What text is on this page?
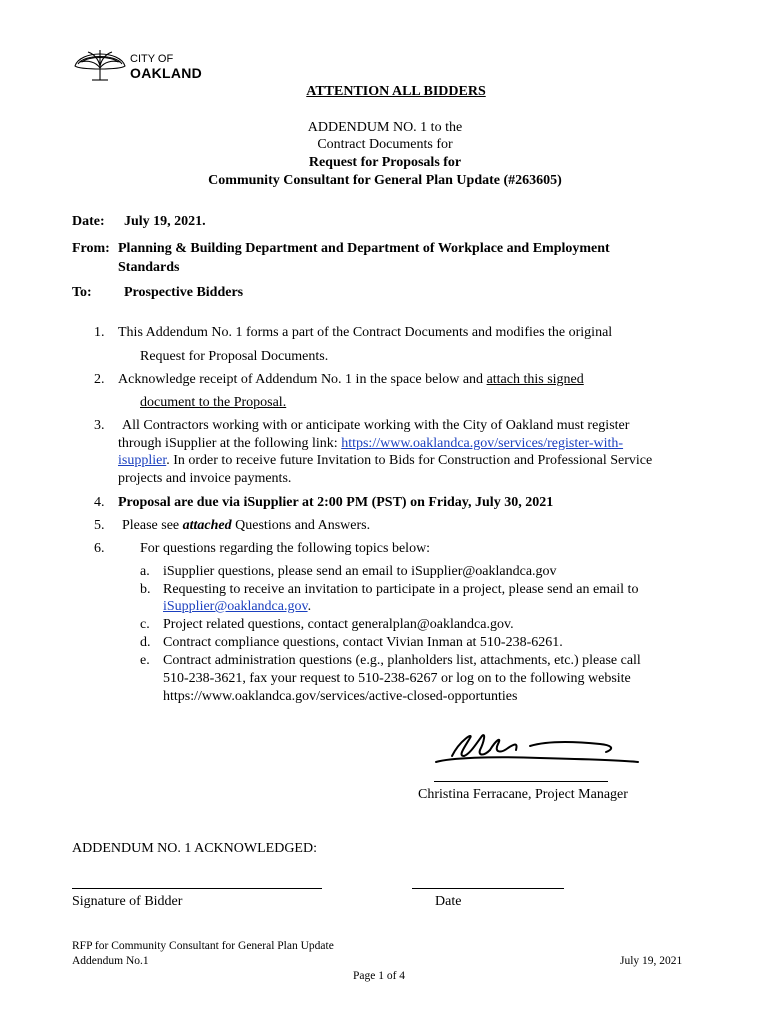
CITY OF
OAKLAND
ATTENTION ALL BIDDERS
ADDENDUM NO. 1 to the
Contract Documents for
Request for Proposals for
Community Consultant for General Plan Update (#263605)
Date: July 19, 2021.
From: Planning & Building Department and Department of Workplace and Employment
Standards
To: Prospective Bidders
1. This Addendum No. 1 forms a part of the Contract Documents and modifies the original
Request for Proposal Documents.
2. Acknowledge receipt of Addendum No. 1 in the space below and attach this signed
document to the Proposal.
3. All Contractors working with or anticipate working with the City of Oakland must register
through iSupplier at the following link: https://www.oaklandca.gov/services/register-with-
isupplier. In order to receive future Invitation to Bids for Construction and Professional Service
projects and invoice payments.
4. Proposal are due via iSupplier at 2:00 PM (PST) on Friday, July 30, 2021
5. Please see attached Questions and Answers.
6.	For questions regarding the following topics below:
a. iSupplier questions, please send an email to iSupplier@oaklandca.gov
b. Requesting to receive an invitation to participate in a project, please send an email to
iSupplier@oaklandca.gov.
c. Project related questions, contact generalplan@oaklandca.gov.
d. Contract compliance questions, contact Vivian Inman at 510-238-6261.
e. Contract administration questions (e.g., planholders list, attachments, etc.) please call
510-238-3621, fax your request to 510-238-6267 or log on to the following website
https://www.oaklandca.gov/services/active-closed-opportunties
Christina Ferracane, Project Manager
ADDENDUM NO. 1 ACKNOWLEDGED:
Signature of Bidder	Date
RFP for Community Consultant for General Plan Update
Addendum No.1	July 19, 2021
Page 1 of 4
